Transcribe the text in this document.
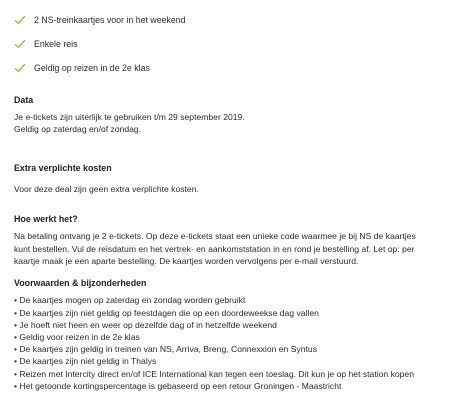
2 NS-treinkaartjes voor in het weekend
Enkele reis
Geldig op reizen in de 2e klas
Data

Je e-tickets zijn uiterlijk te gebruiken t/m 29 september 2019.

Geldig op zaterdag en/of zondag.

Extra verplichte kosten

Voor deze deal zijn geen extra verplichte kosten.

Hoe werkt het?

Na betaling ontvang je 2 e-tickets. Op deze e-tickets staat een unieke code waarmee je bij NS de kaartjes

kunt bestellen. Vul de reisdatum en het vertrek- en aankomststation in en rond je bestelling af. Let op: per

kaartje maak je een aparte bestelling. De kaartjes worden vervolgens per e-mail verstuurd.

Voorwaarden & bijzonderheden
• De kaartjes mogen op zaterdag en zondag worden gebruikt
• De kaartjes zijn niet geldig op feestdagen die op een doordeweekse dag vallen
• Je hoeft niet heen en weer op dezelfde dag of in hetzelfde weekend
• Geldig voor reizen in de 2e klas
• De kaartjes zijn geldig in treinen van NS, Arriva, Breng, Connexxion en Syntus
• De kaartjes zijn niet geldig in Thalys
• Reizen met Intercity direct en/of ICE International kan tegen een toeslag. Dit kun je op het station kopen
• Het getoonde kortingspercentage is gebaseerd op een retour Groningen - Maastricht
